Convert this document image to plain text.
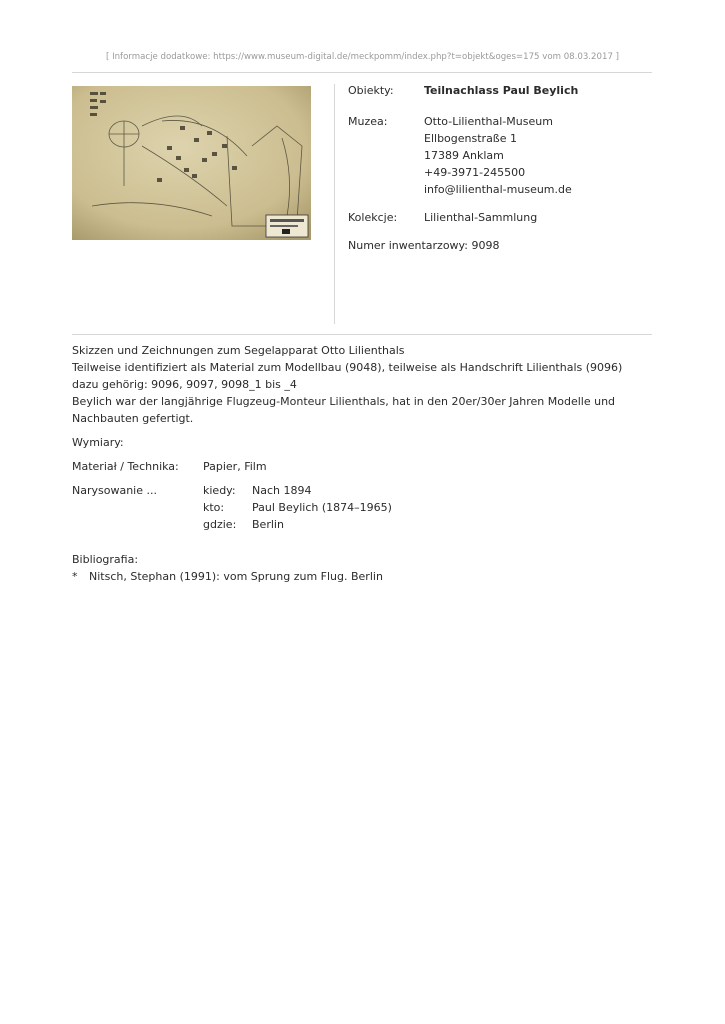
[ Informacje dodatkowe: https://www.museum-digital.de/meckpomm/index.php?t=objekt&oges=175 vom 08.03.2017 ]
Obiekty:	Teilnachlass Paul Beylich
Muzea:	Otto-Lilienthal-Museum
Ellbogenstraße 1
17389 Anklam
+49-3971-245500
info@lilienthal-museum.de
Kolekcje: Lilienthal-Sammlung
Numer inwentarzowy: 9098

Skizzen und Zeichnungen zum Segelapparat Otto Lilienthals

Teilweise identifiziert als Material zum Modellbau (9048), teilweise als Handschrift Lilienthals (9096)

dazu gehörig: 9096, 9097, 9098_1 bis _4

Beylich war der langjährige Flugzeug-Monteur Lilienthals, hat in den 20er/30er Jahren Modelle und Nachbauten gefertigt.

Wymiary:
Materiał / Technika: Papier, Film
Narysowanie ...	kiedy: Nach 1894
kto:	Paul Beylich (1874–1965)
gdzie: Berlin
Bibliografia:
* Nitsch, Stephan (1991): vom Sprung zum Flug. Berlin
